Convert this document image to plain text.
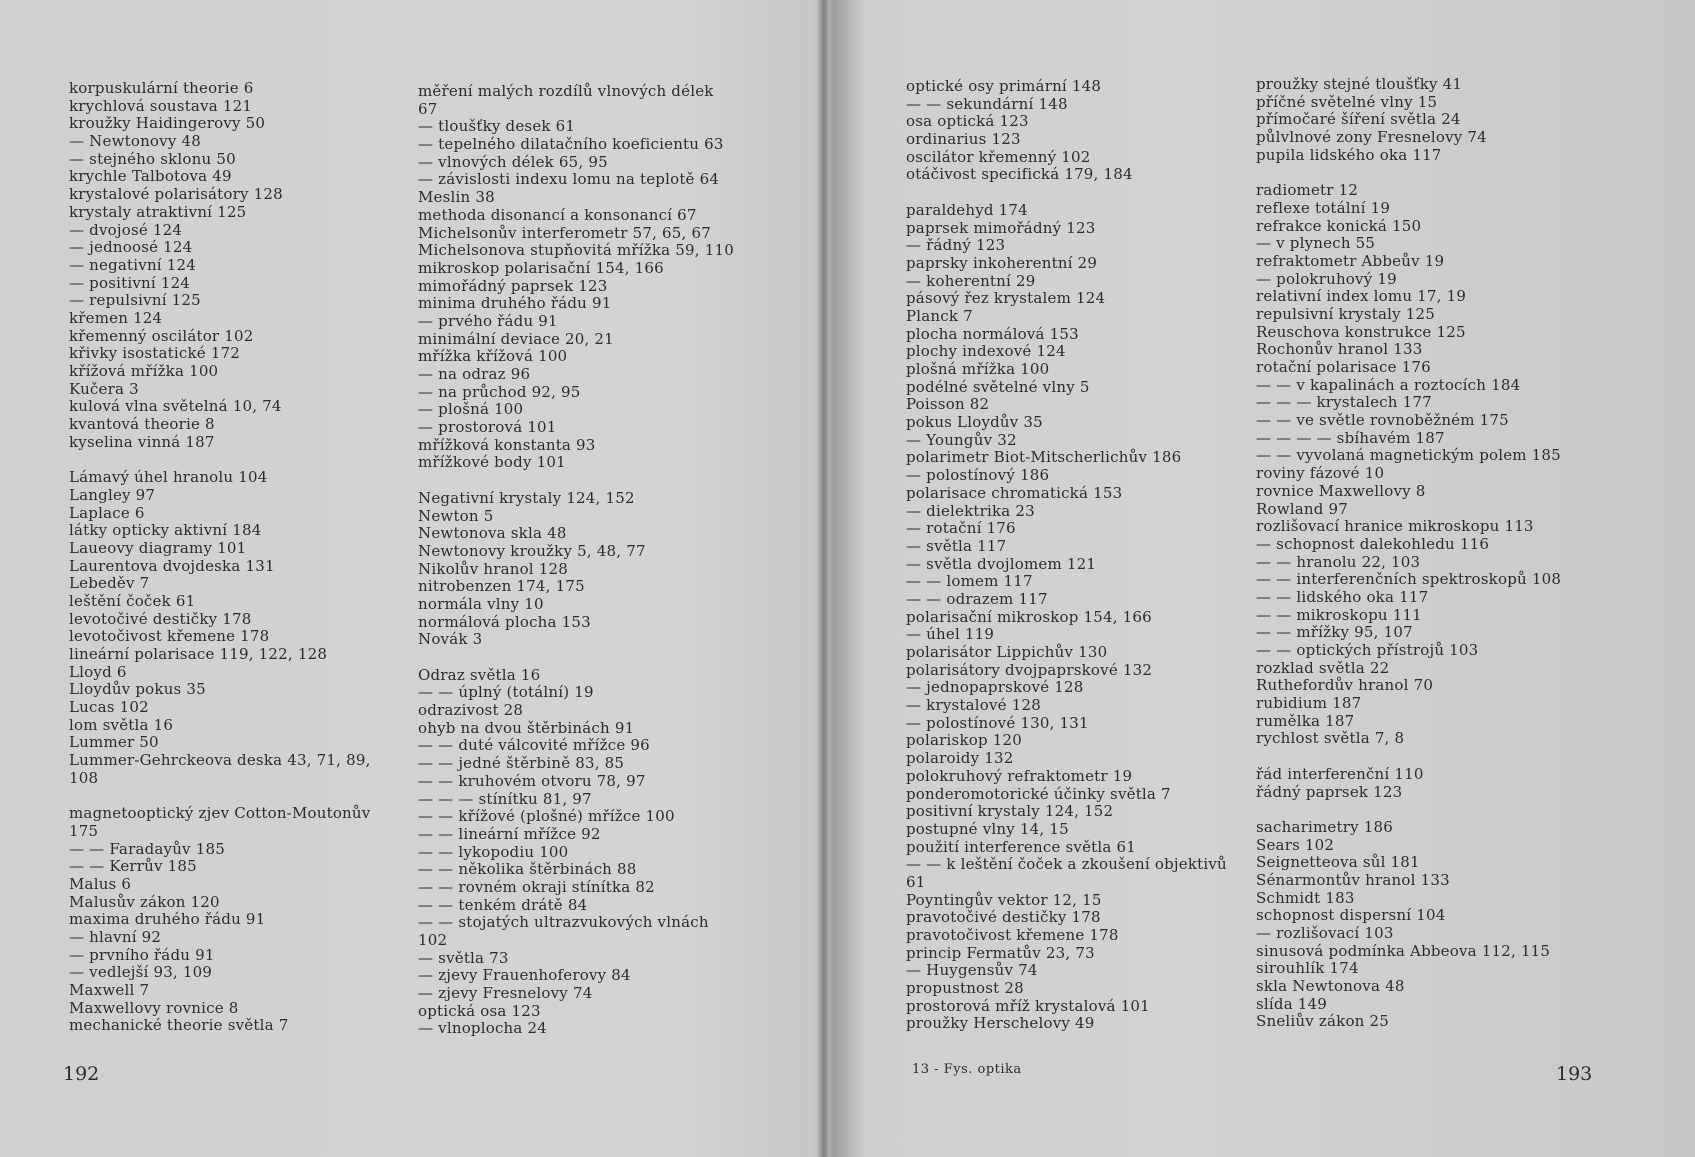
korpuskulární theorie 6
krychlová soustava 121
kroužky Haidingerovy 50
— Newtonovy 48
— stejného sklonu 50
krychle Talbotova 49
krystalové polarisátory 128
krystaly atraktivní 125
— dvojosé 124
— jednoosé 124
— negativní 124
— positivní 124
— repulsivní 125
křemen 124
křemenný oscilátor 102
křivky isostatické 172
křížová mřížka 100
Kučera 3
kulová vlna světelná 10, 74
kvantová theorie 8
kyselina vinná 187
Lámavý úhel hranolu 104
Langley 97
Laplace 6
látky opticky aktivní 184
Laueovy diagramy 101
Laurentova dvojdeska 131
Lebeděv 7
leštění čoček 61
levotočivé destičky 178
levotočivost křemene 178
lineární polarisace 119, 122, 128
Lloyd 6
Lloydův pokus 35
Lucas 102
lom světla 16
Lummer 50
Lummer-Gehrckeova deska 43, 71, 89,
108
magnetooptický zjev Cotton-Moutonův
175
— — Faradayův 185
— — Kerrův 185
Malus 6
Malusův zákon 120
maxima druhého řádu 91
— hlavní 92
— prvního řádu 91
— vedlejší 93, 109
Maxwell 7
Maxwellovy rovnice 8
mechanické theorie světla 7
měření malých rozdílů vlnových délek
67
— tloušťky desek 61
— tepelného dilatačního koeficientu 63
— vlnových délek 65, 95
— závislosti indexu lomu na teplotě 64
Meslin 38
methoda disonancí a konsonancí 67
Michelsonův interferometr 57, 65, 67
Michelsonova stupňovitá mřížka 59, 110
mikroskop polarisační 154, 166
mimořádný paprsek 123
minima druhého řádu 91
— prvého řádu 91
minimální deviace 20, 21
mřížka křížová 100
— na odraz 96
— na průchod 92, 95
— plošná 100
— prostorová 101
mřížková konstanta 93
mřížkové body 101
Negativní krystaly 124, 152
Newton 5
Newtonova skla 48
Newtonovy kroužky 5, 48, 77
Nikolův hranol 128
nitrobenzen 174, 175
normála vlny 10
normálová plocha 153
Novák 3
Odraz světla 16
— — úplný (totální) 19
odrazivost 28
ohyb na dvou štěrbinách 91
— — duté válcovité mřížce 96
— — jedné štěrbině 83, 85
— — kruhovém otvoru 78, 97
— — — stínítku 81, 97
— — křížové (plošné) mřížce 100
— — lineární mřížce 92
— — lykopodiu 100
— — několika štěrbinách 88
— — rovném okraji stínítka 82
— — tenkém drátě 84
— — stojatých ultrazvukových vlnách
102
— světla 73
— zjevy Frauenhoferovy 84
— zjevy Fresnelovy 74
optická osa 123
— vlnoplocha 24
optické osy primární 148
— — sekundární 148
osa optická 123
ordinarius 123
oscilátor křemenný 102
otáčivost specifická 179, 184
paraldehyd 174
paprsek mimořádný 123
— řádný 123
paprsky inkoherentní 29
— koherentní 29
pásový řez krystalem 124
Planck 7
plocha normálová 153
plochy indexové 124
plošná mřížka 100
podélné světelné vlny 5
Poisson 82
pokus Lloydův 35
— Youngův 32
polarimetr Biot-Mitscherlichův 186
— polostínový 186
polarisace chromatická 153
— dielektrika 23
— rotační 176
— světla 117
— světla dvojlomem 121
— — lomem 117
— — odrazem 117
polarisační mikroskop 154, 166
— úhel 119
polarisátor Lippichův 130
polarisátory dvojpaprskové 132
— jednopaprskové 128
— krystalové 128
— polostínové 130, 131
polariskop 120
polaroidy 132
polokruhový refraktometr 19
ponderomotorické účinky světla 7
positivní krystaly 124, 152
postupné vlny 14, 15
použití interference světla 61
— — k leštění čoček a zkoušení objektivů
61
Poyntingův vektor 12, 15
pravotočivé destičky 178
pravotočivost křemene 178
princip Fermatův 23, 73
— Huygensův 74
propustnost 28
prostorová mříž krystalová 101
proužky Herschelovy 49
proužky stejné tloušťky 41
příčné světelné vlny 15
přímočaré šíření světla 24
půlvlnové zony Fresnelovy 74
pupila lidského oka 117
radiometr 12
reflexe totální 19
refrakce konická 150
— v plynech 55
refraktometr Abbeův 19
— polokruhový 19
relativní index lomu 17, 19
repulsivní krystaly 125
Reuschova konstrukce 125
Rochonův hranol 133
rotační polarisace 176
— — v kapalinách a roztocích 184
— — — krystalech 177
— — ve světle rovnoběžném 175
— — — — sbíhavém 187
— — vyvolaná magnetickým polem 185
roviny fázové 10
rovnice Maxwellovy 8
Rowland 97
rozlišovací hranice mikroskopu 113
— schopnost dalekohledu 116
— — hranolu 22, 103
— — interferenčních spektroskopů 108
— — lidského oka 117
— — mikroskopu 111
— — mřížky 95, 107
— — optických přístrojů 103
rozklad světla 22
Ruthefordův hranol 70
rubidium 187
rumělka 187
rychlost světla 7, 8
řád interferenční 110
řádný paprsek 123
sacharimetry 186
Sears 102
Seignetteova sůl 181
Sénarmontův hranol 133
Schmidt 183
schopnost dispersní 104
— rozlišovací 103
sinusová podmínka Abbeova 112, 115
sirouhlík 174
skla Newtonova 48
slída 149
Sneliův zákon 25
192	13 - Fys. optika	193
